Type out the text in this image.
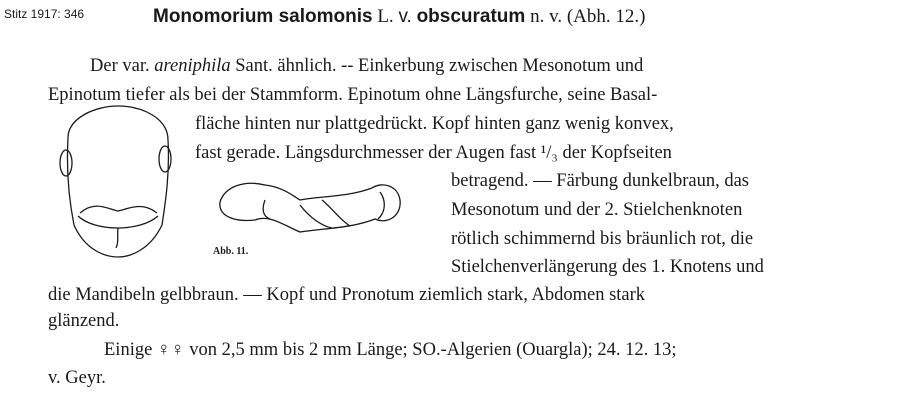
Stitz 1917: 346	Monomorium salomonis L. v. obscuratum n. v. (Abh. 12.)
Der var. areniphila Sant. ähnlich. -- Einkerbung zwischen Mesonotum und
Epinotum tiefer als bei der Stammform. Epinotum ohne Längsfurche, seine Basal-
fläche hinten nur plattgedrückt. Kopf hinten ganz wenig konvex,
fast gerade. Längsdurchmesser der Augen fast ¹/₃ der Kopfseiten
betragend. — Färbung dunkelbraun, das
Mesonotum und der 2. Stielchenknoten
rötlich schimmernd bis bräunlich rot, die
Stielchenverlängerung des 1. Knotens und
die Mandibeln gelbbraun. — Kopf und Pronotum ziemlich stark, Abdomen stark
glänzend.
Einige ♀♀ von 2,5 mm bis 2 mm Länge; SO.-Algerien (Ouargla); 24. 12. 13;
v. Geyr.
Abb. 11.
